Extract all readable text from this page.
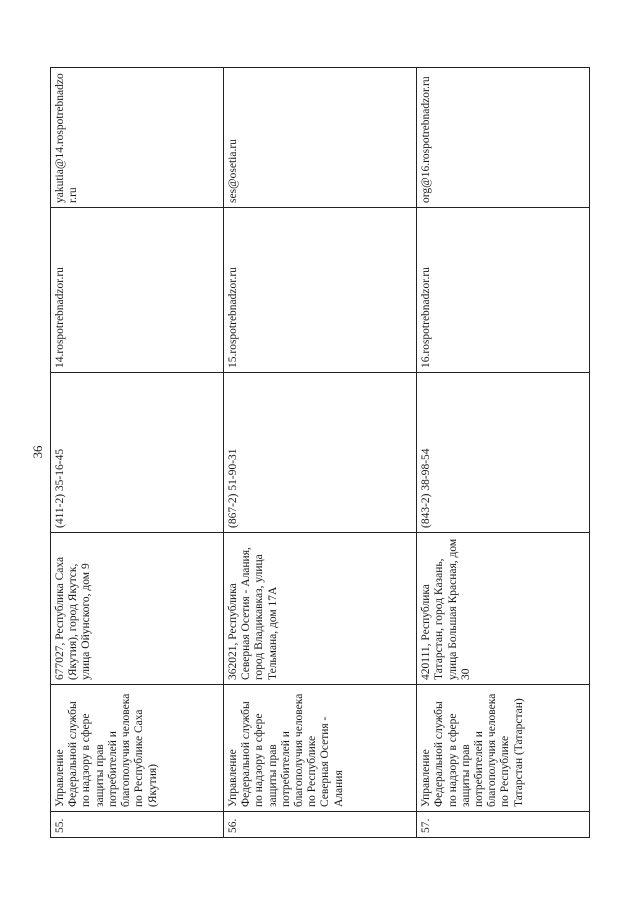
36
55.	Управление Федеральной службы по надзору в сфере защиты прав потребителей и благополучия человека по Республике Саха (Якутия)	677027, Республика Саха (Якутия), город Якутск, улица Ойунского, дом 9	(411-2) 35-16-45	14.rospotrebnadzor.ru	yakutia@14.rospotrebnadzor.ru
56.	Управление Федеральной службы по надзору в сфере защиты прав потребителей и благополучия человека по Республике Северная Осетия - Алания	362021, Республика Северная Осетия - Алания, город Владикавказ, улица Тельмана, дом 17А	(867-2) 51-90-31	15.rospotrebnadzor.ru	ses@osetia.ru
57.	Управление Федеральной службы по надзору в сфере защиты прав потребителей и благополучия человека по Республике Татарстан (Татарстан)	420111, Республика Татарстан, город Казань, улица Большая Красная, дом 30	(843-2) 38-98-54	16.rospotrebnadzor.ru	org@16.rospotrebnadzor.ru
